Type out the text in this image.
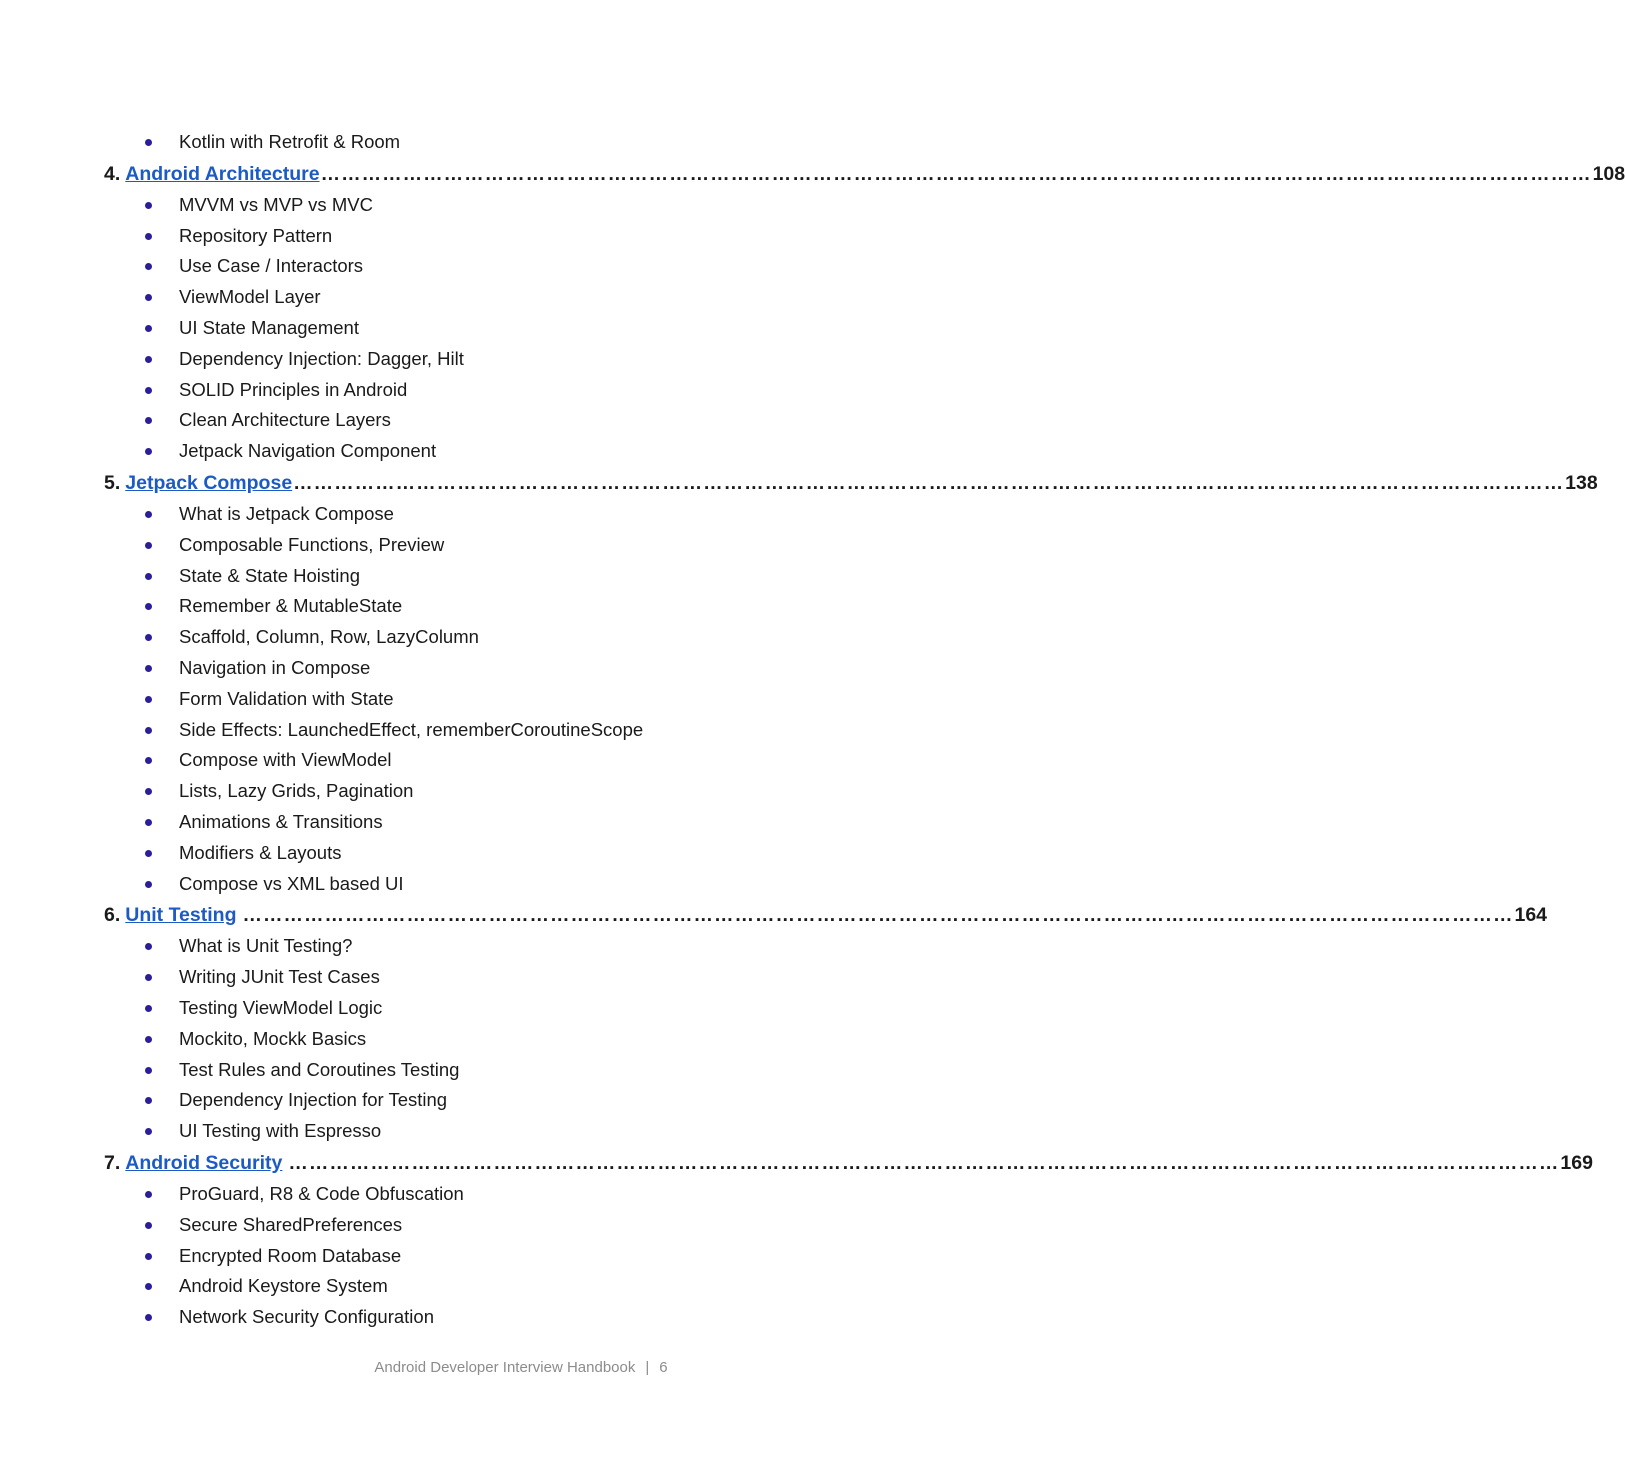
Kotlin with Retrofit & Room
4. Android Architecture …………………………………………………………………………………………………………………………………………………………………… 108
MVVM vs MVP vs MVC
Repository Pattern
Use Case / Interactors
ViewModel Layer
UI State Management
Dependency Injection: Dagger, Hilt
SOLID Principles in Android
Clean Architecture Layers
Jetpack Navigation Component
5. Jetpack Compose …………………………………………………………………………………………………………………………………………………………………… 138
What is Jetpack Compose
Composable Functions, Preview
State & State Hoisting
Remember & MutableState
Scaffold, Column, Row, LazyColumn
Navigation in Compose
Form Validation with State
Side Effects: LaunchedEffect, rememberCoroutineScope
Compose with ViewModel
Lists, Lazy Grids, Pagination
Animations & Transitions
Modifiers & Layouts
Compose vs XML based UI
6. Unit Testing …………………………………………………………………………………………………………………………………………………………………… 164
What is Unit Testing?
Writing JUnit Test Cases
Testing ViewModel Logic
Mockito, Mockk Basics
Test Rules and Coroutines Testing
Dependency Injection for Testing
UI Testing with Espresso
7. Android Security …………………………………………………………………………………………………………………………………………………………………… 169
ProGuard, R8 & Code Obfuscation
Secure SharedPreferences
Encrypted Room Database
Android Keystore System
Network Security Configuration
Android Developer Interview Handbook | 6
